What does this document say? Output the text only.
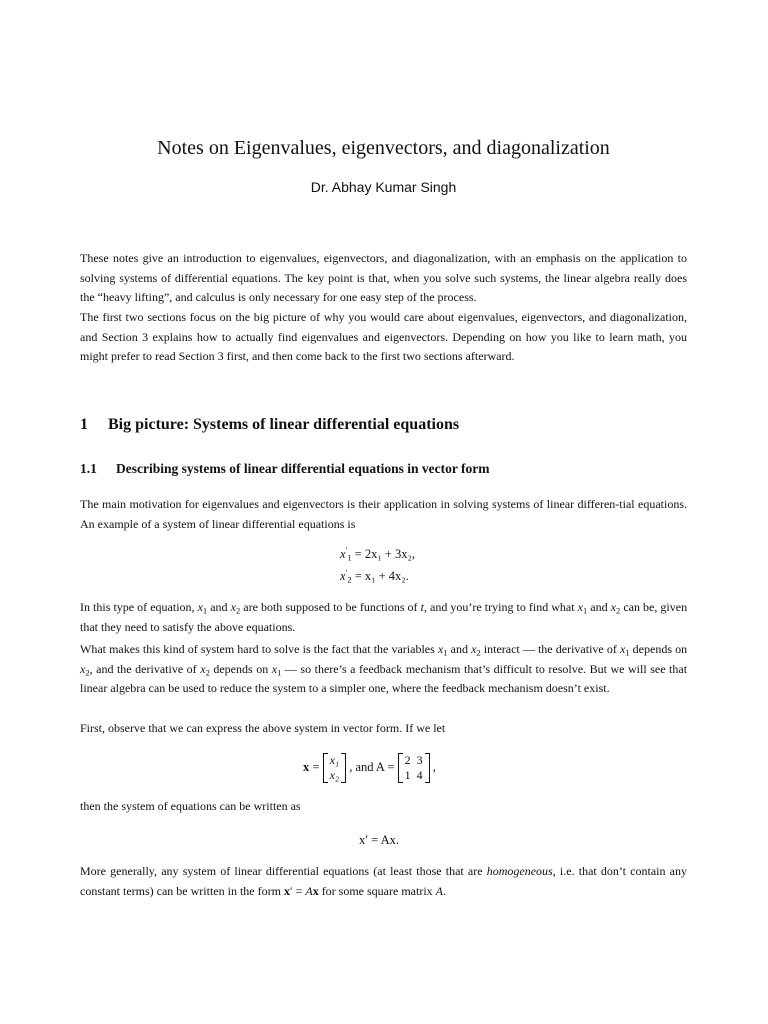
Notes on Eigenvalues, eigenvectors, and diagonalization
Dr. Abhay Kumar Singh
These notes give an introduction to eigenvalues, eigenvectors, and diagonalization, with an emphasis on the application to solving systems of differential equations. The key point is that, when you solve such systems, the linear algebra really does the “heavy lifting”, and calculus is only necessary for one easy step of the process.
The first two sections focus on the big picture of why you would care about eigenvalues, eigenvectors, and diagonalization, and Section 3 explains how to actually find eigenvalues and eigenvectors. Depending on how you like to learn math, you might prefer to read Section 3 first, and then come back to the first two sections afterward.
1 Big picture: Systems of linear differential equations
1.1 Describing systems of linear differential equations in vector form
The main motivation for eigenvalues and eigenvectors is their application in solving systems of linear differen-tial equations. An example of a system of linear differential equations is
$x'_1 = 2x_1 + 3x_2$,
$x'_2 = x_1 + 4x_2$.
In this type of equation, $x_1$ and $x_2$ are both supposed to be functions of t, and you’re trying to find what $x_1$ and $x_2$ can be, given that they need to satisfy the above equations.
What makes this kind of system hard to solve is the fact that the variables $x_1$ and $x_2$ interact — the derivative of $x_1$ depends on $x_2$, and the derivative of $x_2$ depends on $x_1$ — so there’s a feedback mechanism that’s difficult to resolve. But we will see that linear algebra can be used to reduce the system to a simpler one, where the feedback mechanism doesn’t exist.
First, observe that we can express the above system in vector form. If we let
x = x₁
x₂
, and A = 2	3
1	4
,
then the system of equations can be written as
x′ = Ax.
More generally, any system of linear differential equations (at least those that are homogeneous, i.e. that don’t contain any constant terms) can be written in the form x′ = Ax for some square matrix A.
